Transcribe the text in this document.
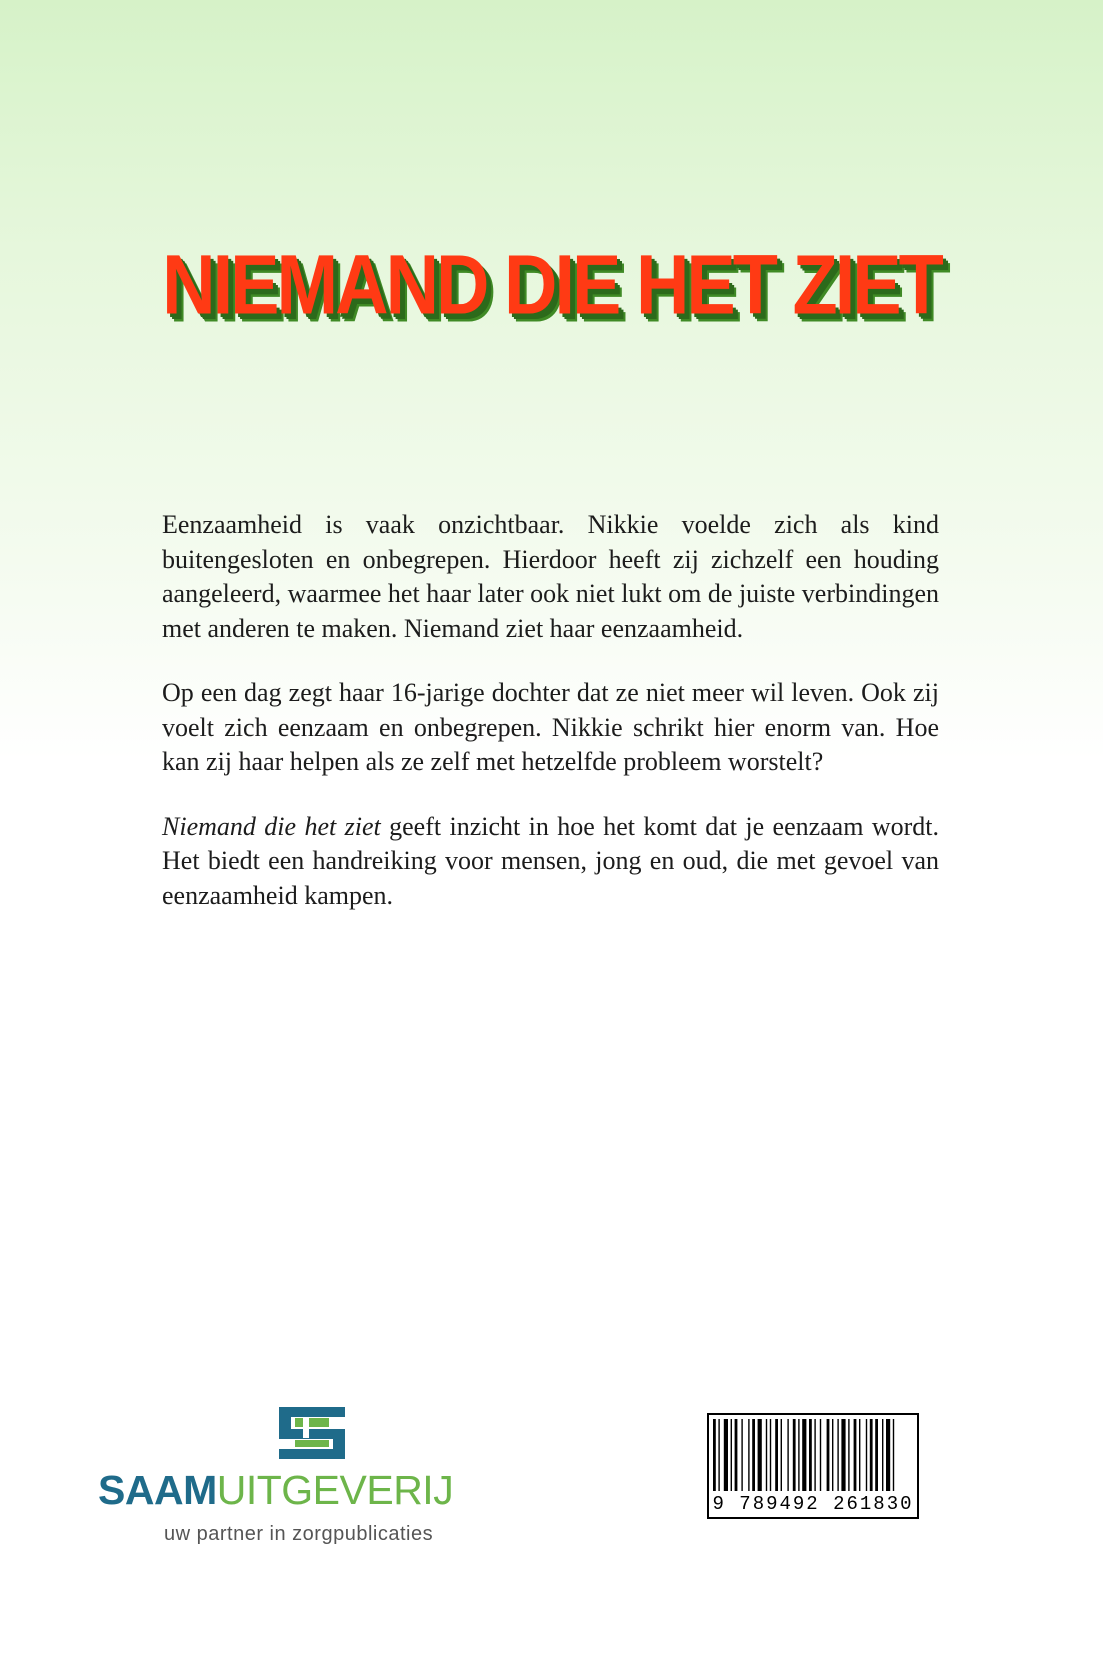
NIEMAND DIE HET ZIET

Eenzaamheid is vaak onzichtbaar. Nikkie voelde zich als kind buitengesloten en onbegrepen. Hierdoor heeft zij zichzelf een houding aangeleerd, waarmee het haar later ook niet lukt om de juiste verbindingen met anderen te maken. Niemand ziet haar eenzaamheid.

Op een dag zegt haar 16-jarige dochter dat ze niet meer wil leven. Ook zij voelt zich eenzaam en onbegrepen. Nikkie schrikt hier enorm van. Hoe kan zij haar helpen als ze zelf met hetzelfde probleem worstelt?

Niemand die het ziet geeft inzicht in hoe het komt dat je eenzaam wordt. Het biedt een handreiking voor mensen, jong en oud, die met gevoel van eenzaamheid kampen.

SAAMUITGEVERIJ
uw partner in zorgpublicaties
9 789492 261830
